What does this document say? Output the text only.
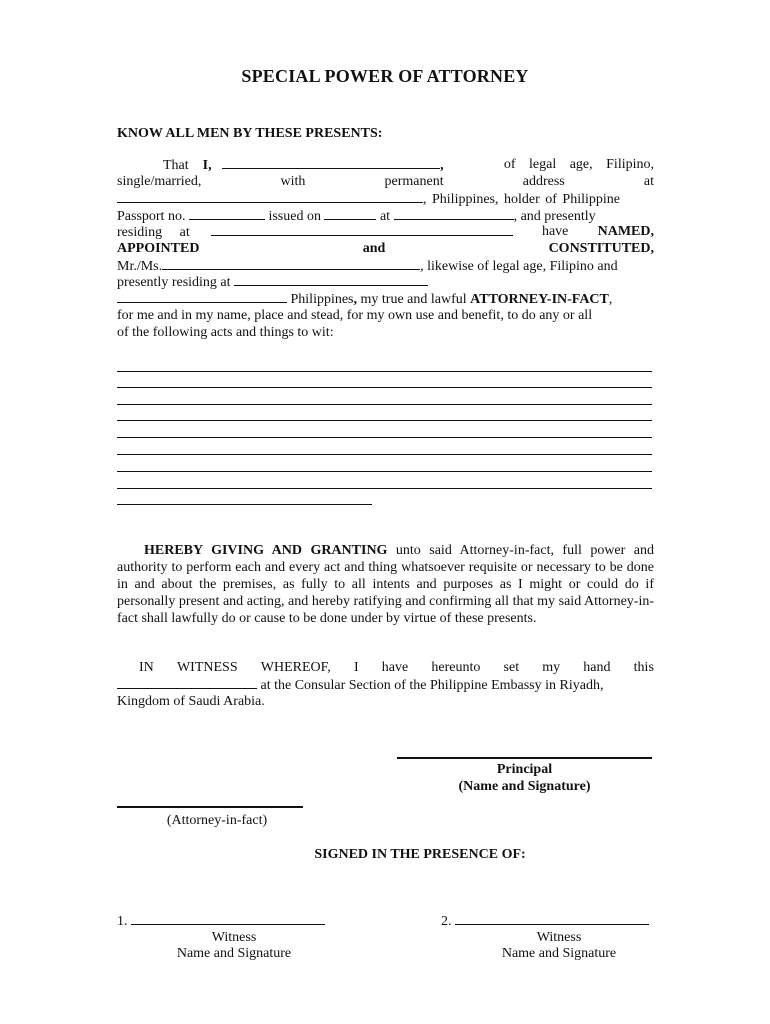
SPECIAL POWER OF ATTORNEY
KNOW ALL MEN BY THESE PRESENTS:
That I,	,	of legal age, Filipino,
single/married,	with	permanent	address	at
, Philippines, holder of Philippine
Passport no.	issued on	at	, and presently
residing at	have NAMED,
APPOINTED	and	CONSTITUTED,
Mr./Ms.	, likewise of legal age, Filipino and
presently residing at
Philippines, my true and lawful ATTORNEY-IN-FACT,
for me and in my name, place and stead, for my own use and benefit, to do any or all
of the following acts and things to wit:
HEREBY GIVING AND GRANTING unto said Attorney-in-fact, full power and authority to perform each and every act and thing whatsoever requisite or necessary to be done in and about the premises, as fully to all intents and purposes as I might or could do if personally present and acting, and hereby ratifying and confirming all that my said Attorney-in-fact shall lawfully do or cause to be done under by virtue of these presents.
IN WITNESS WHEREOF, I have hereunto set my hand this
at the Consular Section of the Philippine Embassy in Riyadh,
Kingdom of Saudi Arabia.
Principal
(Name and Signature)
(Attorney-in-fact)
SIGNED IN THE PRESENCE OF:
1.
Witness
Name and Signature
2.
Witness
Name and Signature
